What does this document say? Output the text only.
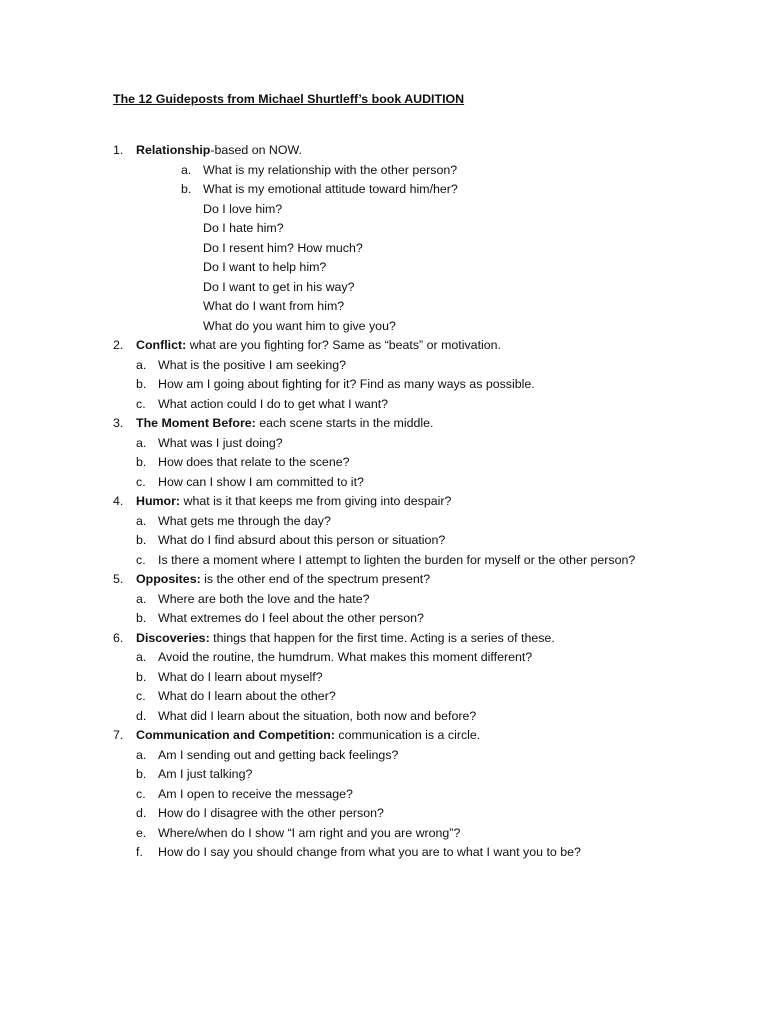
The 12 Guideposts from Michael Shurtleff’s book AUDITION
1. Relationship-based on NOW.
a. What is my relationship with the other person?
b. What is my emotional attitude toward him/her?
Do I love him?
Do I hate him?
Do I resent him? How much?
Do I want to help him?
Do I want to get in his way?
What do I want from him?
What do you want him to give you?
2. Conflict: what are you fighting for? Same as “beats” or motivation.
a. What is the positive I am seeking?
b. How am I going about fighting for it? Find as many ways as possible.
c. What action could I do to get what I want?
3. The Moment Before: each scene starts in the middle.
a. What was I just doing?
b. How does that relate to the scene?
c. How can I show I am committed to it?
4. Humor: what is it that keeps me from giving into despair?
a. What gets me through the day?
b. What do I find absurd about this person or situation?
c. Is there a moment where I attempt to lighten the burden for myself or the other person?
5. Opposites: is the other end of the spectrum present?
a. Where are both the love and the hate?
b. What extremes do I feel about the other person?
6. Discoveries: things that happen for the first time. Acting is a series of these.
a. Avoid the routine, the humdrum. What makes this moment different?
b. What do I learn about myself?
c. What do I learn about the other?
d. What did I learn about the situation, both now and before?
7. Communication and Competition: communication is a circle.
a. Am I sending out and getting back feelings?
b. Am I just talking?
c. Am I open to receive the message?
d. How do I disagree with the other person?
e. Where/when do I show “I am right and you are wrong”?
f. How do I say you should change from what you are to what I want you to be?
